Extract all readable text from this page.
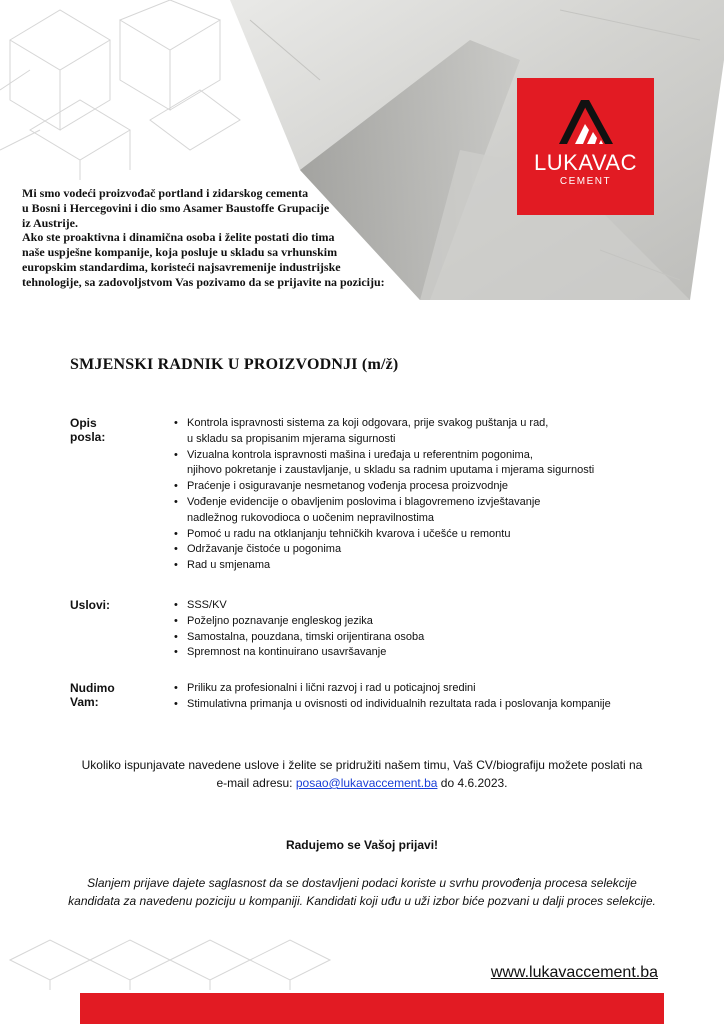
LUKAVAC
CEMENT
Mi smo vodeći proizvođač portland i zidarskog cementa
u Bosni i Hercegovini i dio smo Asamer Baustoffe Grupacije
iz Austrije.
Ako ste proaktivna i dinamična osoba i želite postati dio tima
naše uspješne kompanije, koja posluje u skladu sa vrhunskim
europskim standardima, koristeći najsavremenije industrijske
tehnologije, sa zadovoljstvom Vas pozivamo da se prijavite na poziciju:
SMJENSKI RADNIK U PROIZVODNJI (m/ž)
Opis posla:
• Kontrola ispravnosti sistema za koji odgovara, prije svakog puštanja u rad,
u skladu sa propisanim mjerama sigurnosti
• Vizualna kontrola ispravnosti mašina i uređaja u referentnim pogonima,
njihovo pokretanje i zaustavljanje, u skladu sa radnim uputama i mjerama sigurnosti
• Praćenje i osiguravanje nesmetanog vođenja procesa proizvodnje
• Vođenje evidencije o obavljenim poslovima i blagovremeno izvještavanje
nadležnog rukovodioca o uočenim nepravilnostima
• Pomoć u radu na otklanjanju tehničkih kvarova i učešće u remontu
• Održavanje čistoće u pogonima
• Rad u smjenama
Uslovi:
•	SSS/KV
• Poželjno poznavanje engleskog jezika
• Samostalna, pouzdana, timski orijentirana osoba
• Spremnost na kontinuirano usavršavanje
Nudimo Vam:
• Priliku za profesionalni i lični razvoj i rad u poticajnoj sredini
• Stimulativna primanja u ovisnosti od individualnih rezultata rada i poslovanja kompanije
Ukoliko ispunjavate navedene uslove i želite se pridružiti našem timu, Vaš CV/biografiju možete poslati na
e-mail adresu: posao@lukavaccement.ba do 4.6.2023.
Radujemo se Vašoj prijavi!
Slanjem prijave dajete saglasnost da se dostavljeni podaci koriste u svrhu provođenja procesa selekcije
kandidata za navedenu poziciju u kompaniji. Kandidati koji uđu u uži izbor biće pozvani u dalji proces selekcije.
www.lukavaccement.ba
